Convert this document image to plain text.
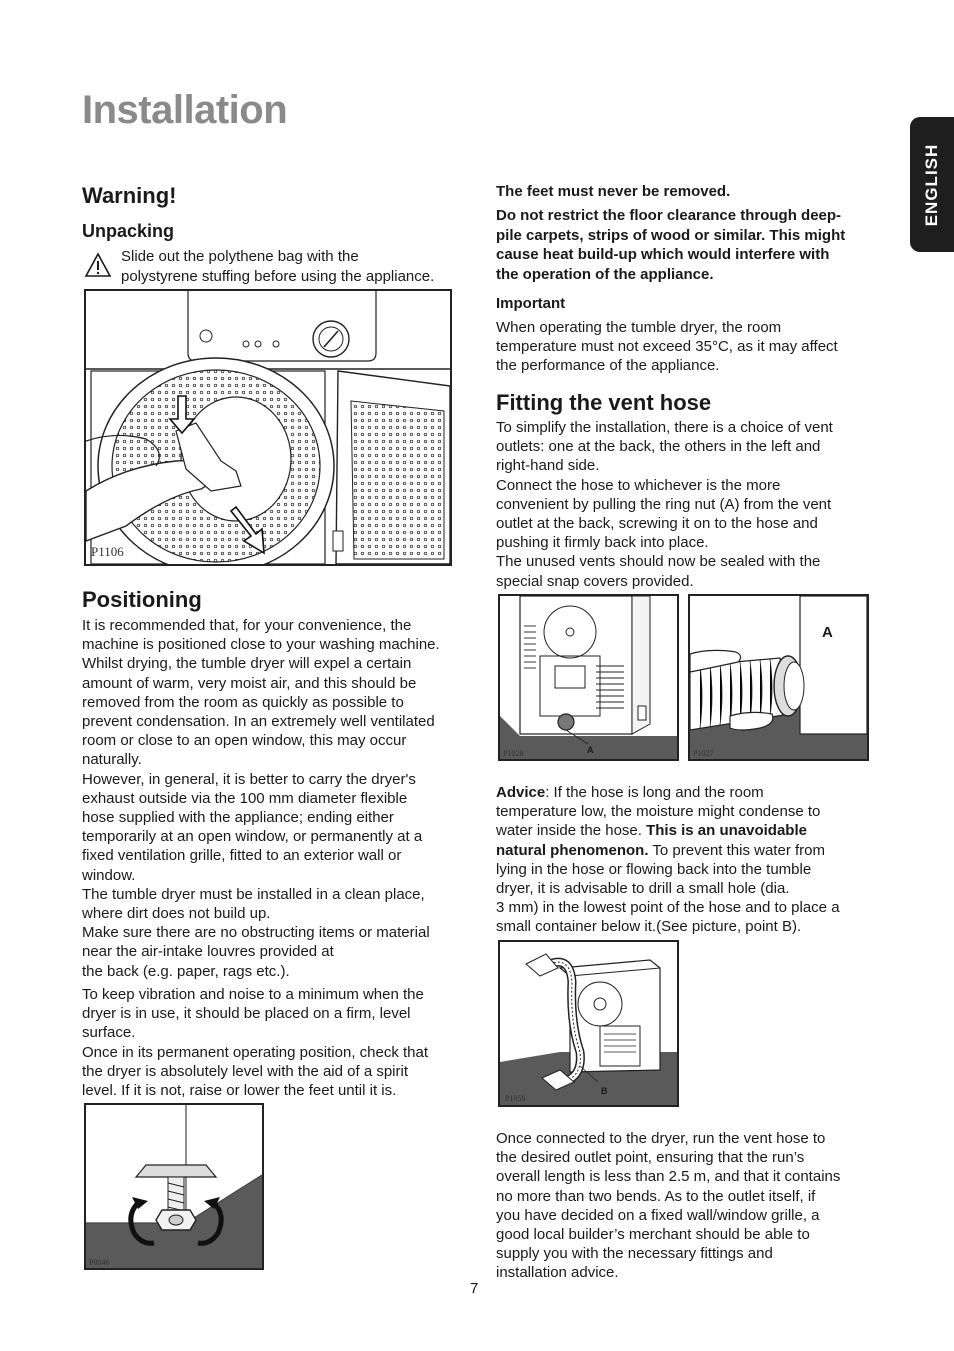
Installation
ENGLISH
Warning!
Unpacking

Slide out the polythene bag with the

polystyrene stuffing before using the appliance.

P1106
Positioning

It is recommended that, for your convenience, the

machine is positioned close to your washing machine.

Whilst drying, the tumble dryer will expel a certain

amount of warm, very moist air, and this should be

removed from the room as quickly as possible to

prevent condensation. In an extremely well ventilated

room or close to an open window, this may occur

naturally.

However, in general, it is better to carry the dryer's

exhaust outside via the 100 mm diameter flexible

hose supplied with the appliance; ending either

temporarily at an open window, or permanently at a

fixed ventilation grille, fitted to an exterior wall or

window.

The tumble dryer must be installed in a clean place,

where dirt does not build up.

Make sure there are no obstructing items or material

near the air-intake louvres provided at

the back (e.g. paper, rags etc.).

To keep vibration and noise to a minimum when the

dryer is in use, it should be placed on a firm, level

surface.

Once in its permanent operating position, check that

the dryer is absolutely level with the aid of a spirit

level. If it is not, raise or lower the feet until it is.

P0046

The feet must never be removed.

Do not restrict the floor clearance through deep-

pile carpets, strips of wood or similar. This might

cause heat build-up which would interfere with

the operation of the appliance.

Important

When operating the tumble dryer, the room

temperature must not exceed 35°C, as it may affect

the performance of the appliance.

Fitting the vent hose

To simplify the installation, there is a choice of vent

outlets: one at the back, the others in the left and

right-hand side.

Connect the hose to whichever is the more

convenient by pulling the ring nut (A) from the vent

outlet at the back, screwing it on to the hose and

pushing it firmly back into place.

The unused vents should now be sealed with the

special snap covers provided.

P1028	A
A
P1027

Advice: If the hose is long and the room

temperature low, the moisture might condense to

water inside the hose. This is an unavoidable

natural phenomenon. To prevent this water from

lying in the hose or flowing back into the tumble

dryer, it is advisable to drill a small hole (dia.

3 mm) in the lowest point of the hose and to place a

small container below it.(See picture, point B).

B
P1056

Once connected to the dryer, run the vent hose to

the desired outlet point, ensuring that the run’s

overall length is less than 2.5 m, and that it contains

no more than two bends. As to the outlet itself, if

you have decided on a fixed wall/window grille, a

good local builder’s merchant should be able to

supply you with the necessary fittings and

installation advice.

7
